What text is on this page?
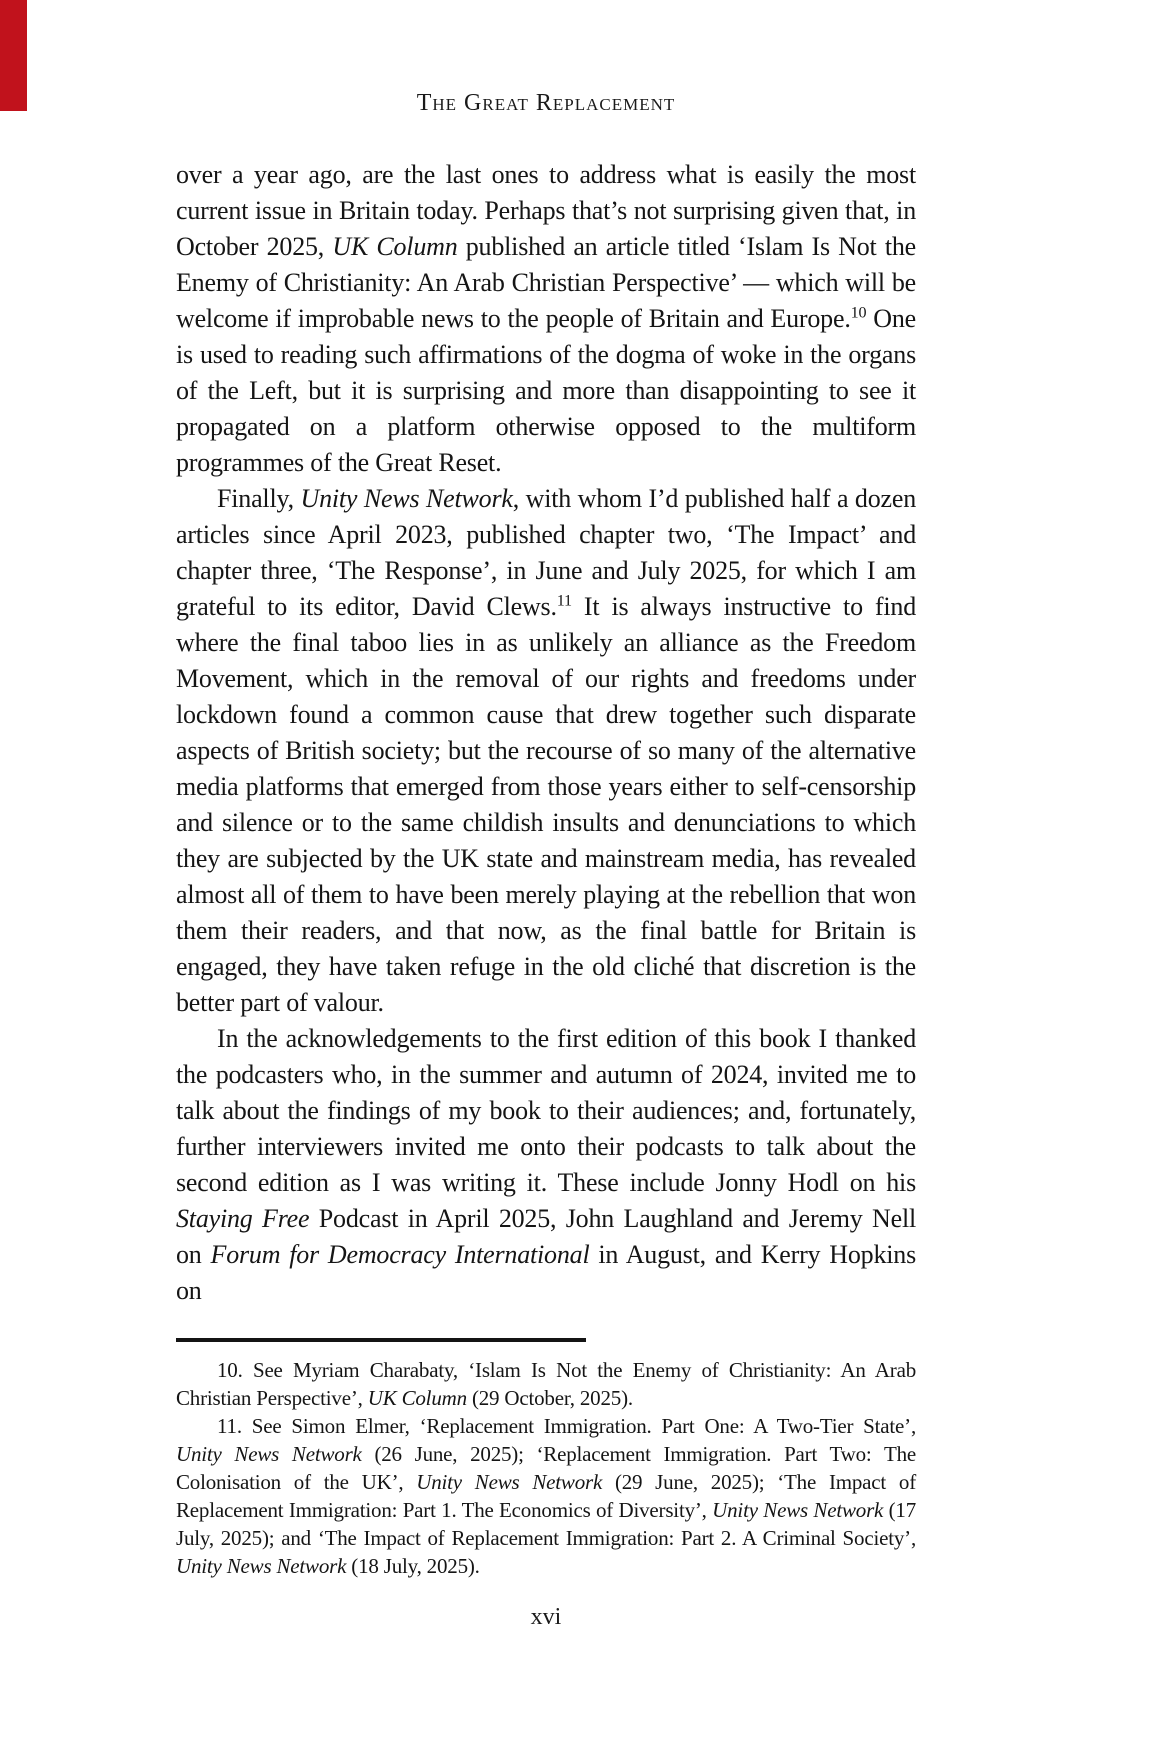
The Great Replacement

over a year ago, are the last ones to address what is easily the most current issue in Britain today. Perhaps that’s not surprising given that, in October 2025, UK Column published an article titled ‘Islam Is Not the Enemy of Christianity: An Arab Christian Perspective’ — which will be welcome if improbable news to the people of Britain and Europe.$^{10}$ One is used to reading such affirmations of the dogma of woke in the organs of the Left, but it is surprising and more than disappointing to see it propagated on a platform otherwise opposed to the multiform programmes of the Great Reset.

Finally, Unity News Network, with whom I’d published half a dozen articles since April 2023, published chapter two, ‘The Impact’ and chapter three, ‘The Response’, in June and July 2025, for which I am grateful to its editor, David Clews.$^{11}$ It is always instructive to find where the final taboo lies in as unlikely an alliance as the Freedom Movement, which in the removal of our rights and freedoms under lockdown found a common cause that drew together such disparate aspects of British society; but the recourse of so many of the alternative media platforms that emerged from those years either to self-censorship and silence or to the same childish insults and denunciations to which they are subjected by the UK state and mainstream media, has revealed almost all of them to have been merely playing at the rebellion that won them their readers, and that now, as the final battle for Britain is engaged, they have taken refuge in the old cliché that discretion is the better part of valour.

In the acknowledgements to the first edition of this book I thanked the podcasters who, in the summer and autumn of 2024, invited me to talk about the findings of my book to their audiences; and, fortunately, further interviewers invited me onto their podcasts to talk about the second edition as I was writing it. These include Jonny Hodl on his Staying Free Podcast in April 2025, John Laughland and Jeremy Nell on Forum for Democracy International in August, and Kerry Hopkins on

10. See Myriam Charabaty, ‘Islam Is Not the Enemy of Christianity: An Arab Christian Perspective’, UK Column (29 October, 2025).

11. See Simon Elmer, ‘Replacement Immigration. Part One: A Two-Tier State’, Unity News Network (26 June, 2025); ‘Replacement Immigration. Part Two: The Colonisation of the UK’, Unity News Network (29 June, 2025); ‘The Impact of Replacement Immigration: Part 1. The Economics of Diversity’, Unity News Network (17 July, 2025); and ‘The Impact of Replacement Immigration: Part 2. A Criminal Society’, Unity News Network (18 July, 2025).

xvi
